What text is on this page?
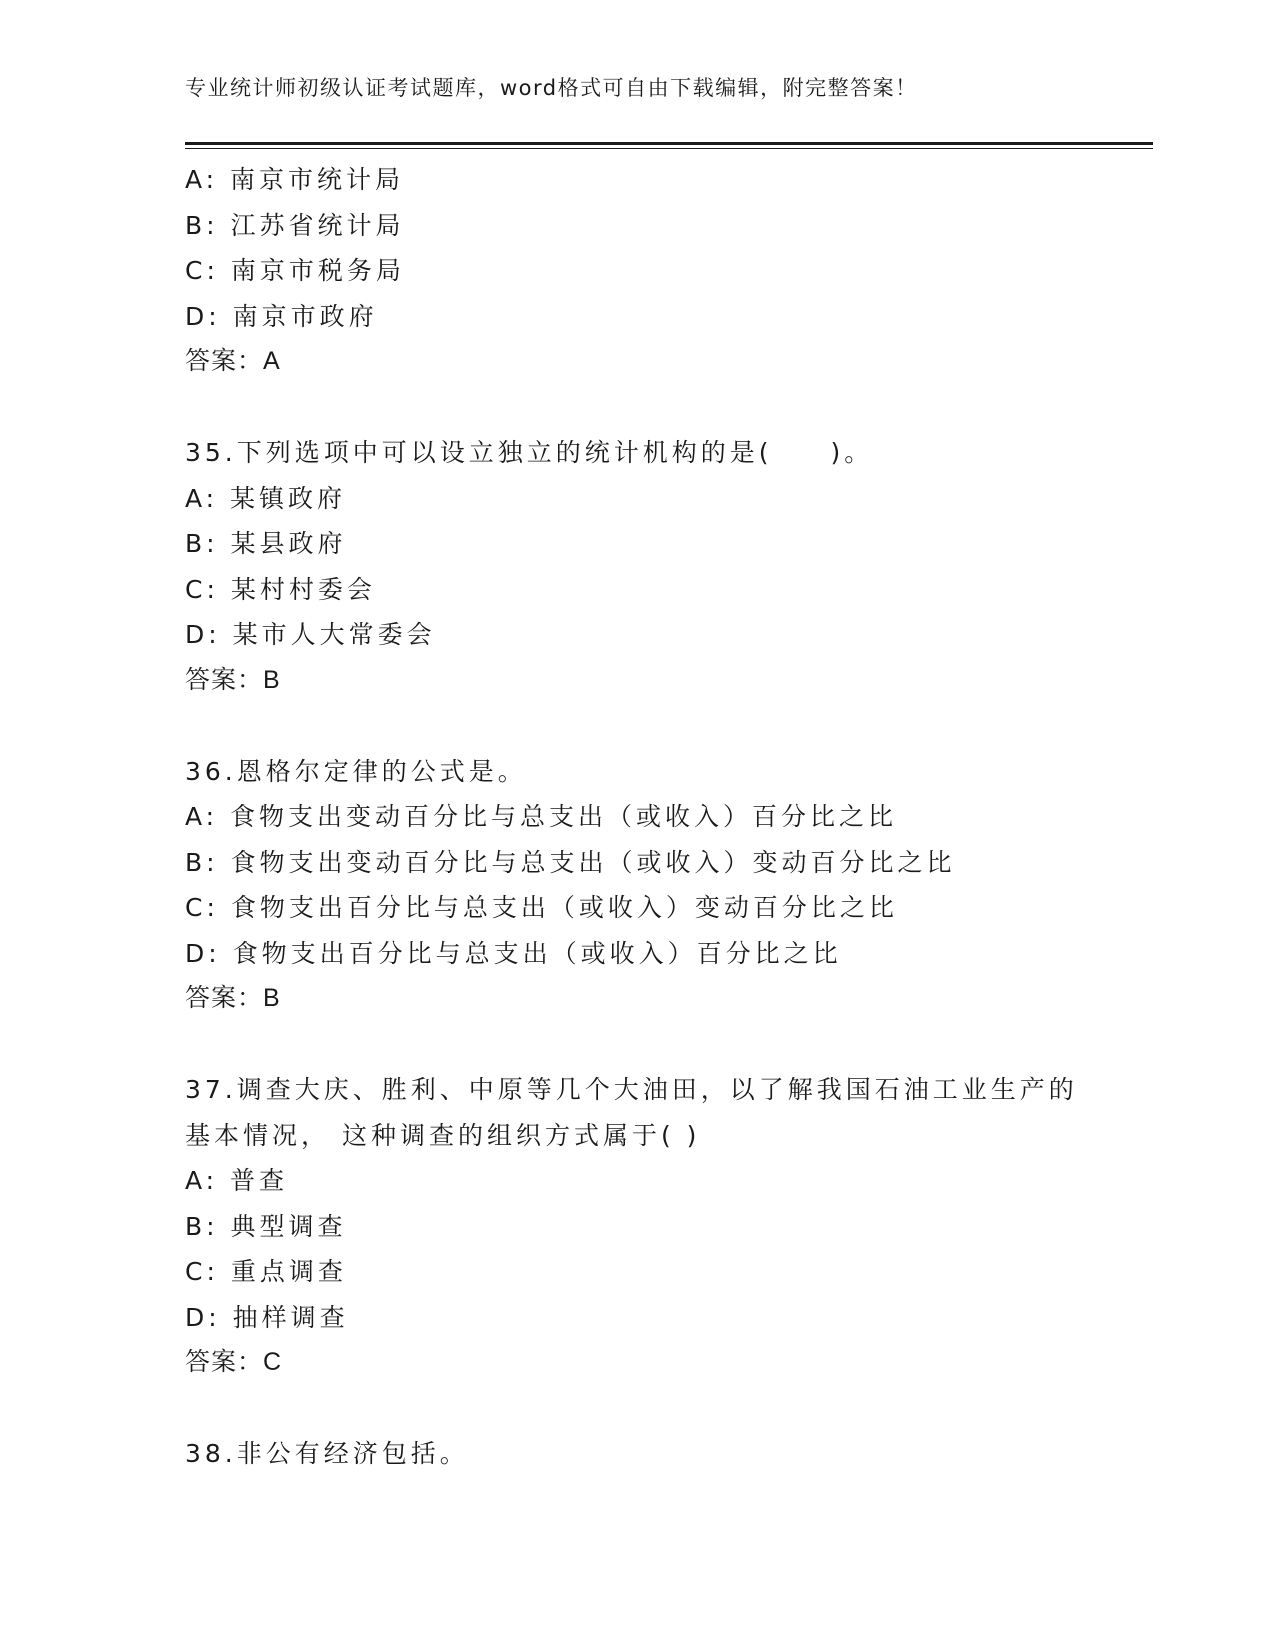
专业统计师初级认证考试题库，word格式可自由下载编辑，附完整答案！
A: 南京市统计局
B: 江苏省统计局
C: 南京市税务局
D: 南京市政府
答案：A
35.下列选项中可以设立独立的统计机构的是(　　)。
A: 某镇政府
B: 某县政府
C: 某村村委会
D: 某市人大常委会
答案：B
36.恩格尔定律的公式是。
A: 食物支出变动百分比与总支出（或收入）百分比之比
B: 食物支出变动百分比与总支出（或收入）变动百分比之比
C: 食物支出百分比与总支出（或收入）变动百分比之比
D: 食物支出百分比与总支出（或收入）百分比之比
答案：B
37.调查大庆、胜利、中原等几个大油田，以了解我国石油工业生产的
基本情况， 这种调查的组织方式属于( )
A: 普查
B: 典型调查
C: 重点调查
D: 抽样调查
答案：C
38.非公有经济包括。
